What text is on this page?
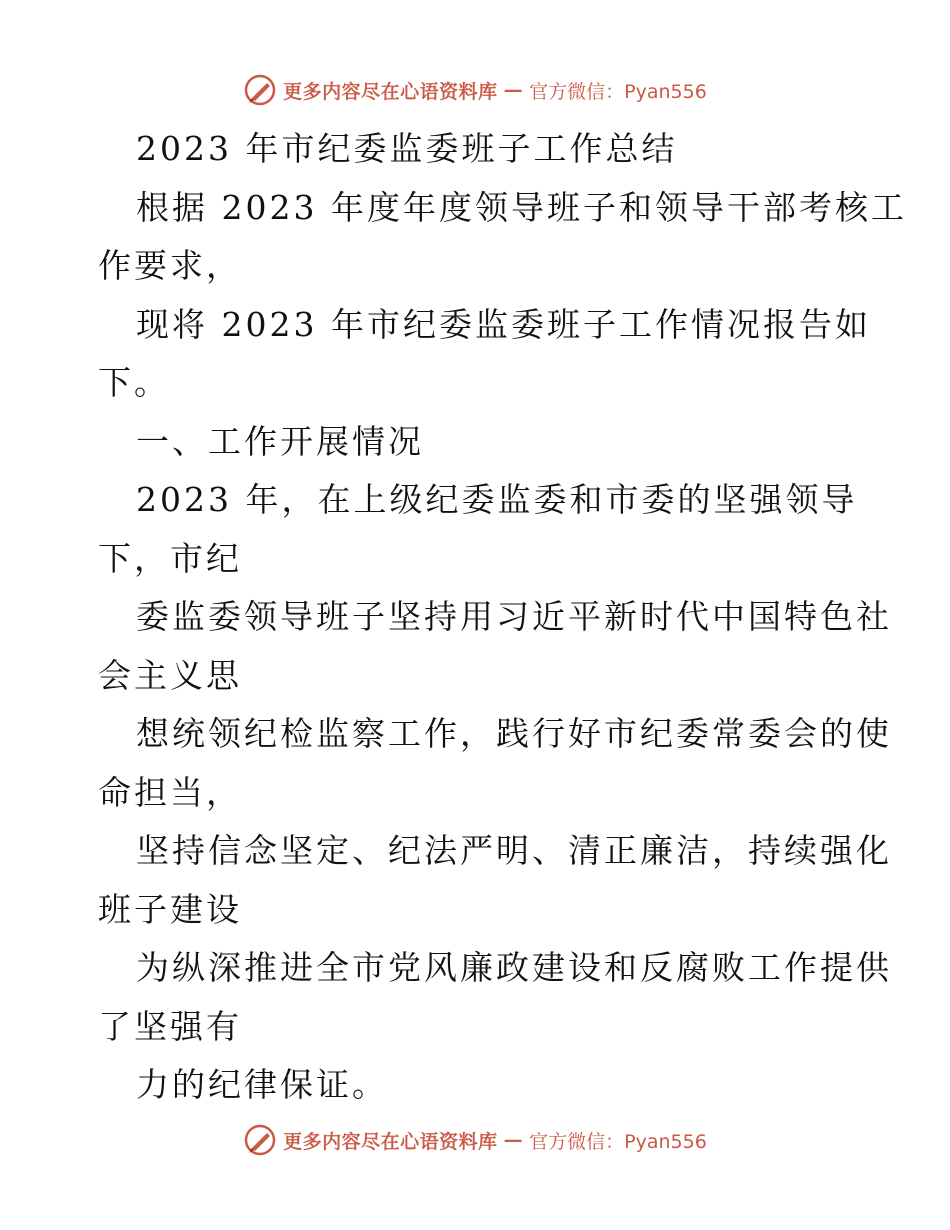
更多内容尽在心语资料库 — 官方微信：Pyan556
2023 年市纪委监委班子工作总结
根据 2023 年度年度领导班子和领导干部考核工
作要求，
现将 2023 年市纪委监委班子工作情况报告如
下。
一、工作开展情况
2023 年，在上级纪委监委和市委的坚强领导
下，市纪
委监委领导班子坚持用习近平新时代中国特色社
会主义思
想统领纪检监察工作，践行好市纪委常委会的使
命担当，
坚持信念坚定、纪法严明、清正廉洁，持续强化
班子建设
为纵深推进全市党风廉政建设和反腐败工作提供
了坚强有
力的纪律保证。
更多内容尽在心语资料库 — 官方微信：Pyan556
